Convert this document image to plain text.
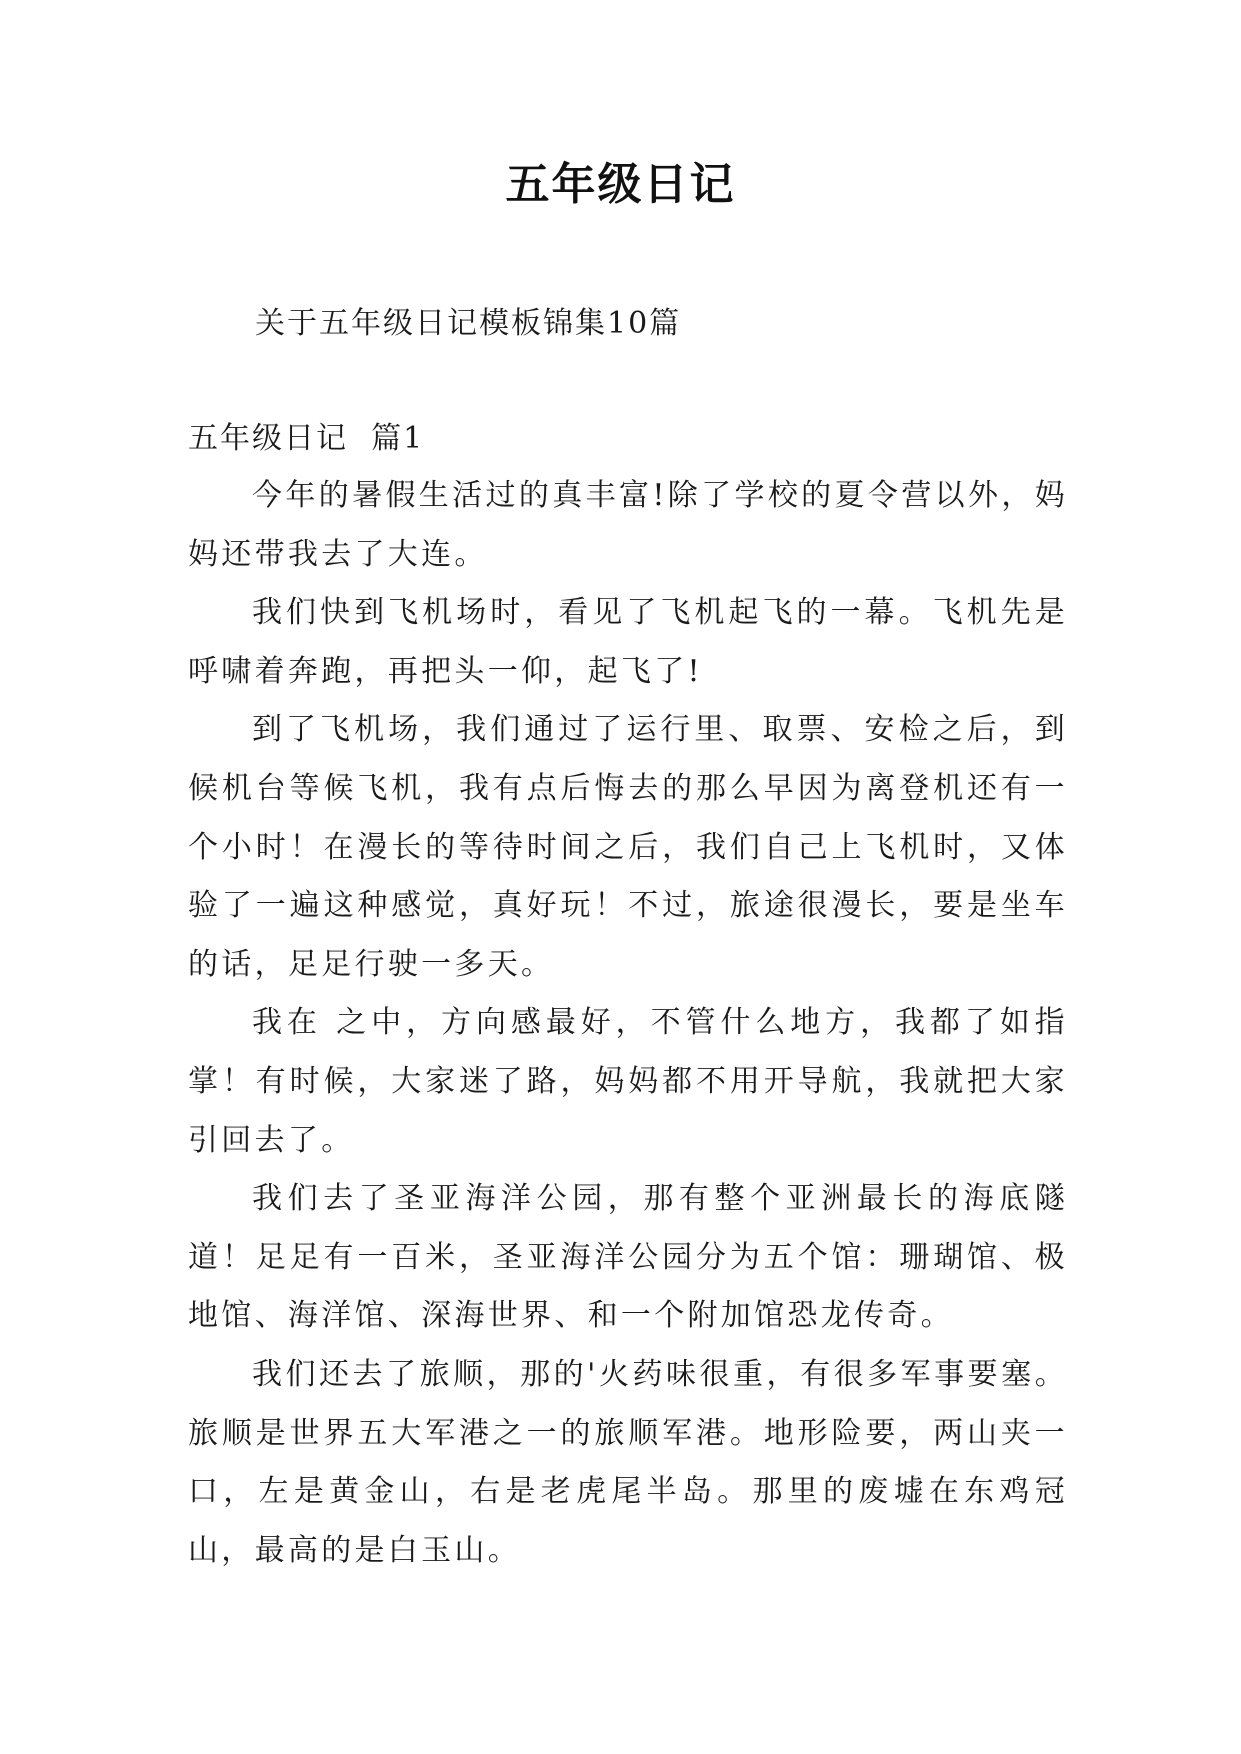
五年级日记

关于五年级日记模板锦集10篇

五年级日记  篇1

今年的暑假生活过的真丰富!除了学校的夏令营以外，妈妈还带我去了大连。

我们快到飞机场时，看见了飞机起飞的一幕。飞机先是呼啸着奔跑，再把头一仰，起飞了!

到了飞机场，我们通过了运行里、取票、安检之后，到候机台等候飞机，我有点后悔去的那么早因为离登机还有一个小时！在漫长的等待时间之后，我们自己上飞机时，又体验了一遍这种感觉，真好玩！不过，旅途很漫长，要是坐车的话，足足行驶一多天。

我在 之中，方向感最好，不管什么地方，我都了如指掌！有时候，大家迷了路，妈妈都不用开导航，我就把大家引回去了。

我们去了圣亚海洋公园，那有整个亚洲最长的海底隧道！足足有一百米，圣亚海洋公园分为五个馆：珊瑚馆、极地馆、海洋馆、深海世界、和一个附加馆恐龙传奇。

我们还去了旅顺，那的'火药味很重，有很多军事要塞。旅顺是世界五大军港之一的旅顺军港。地形险要，两山夹一口，左是黄金山，右是老虎尾半岛。那里的废墟在东鸡冠山，最高的是白玉山。
